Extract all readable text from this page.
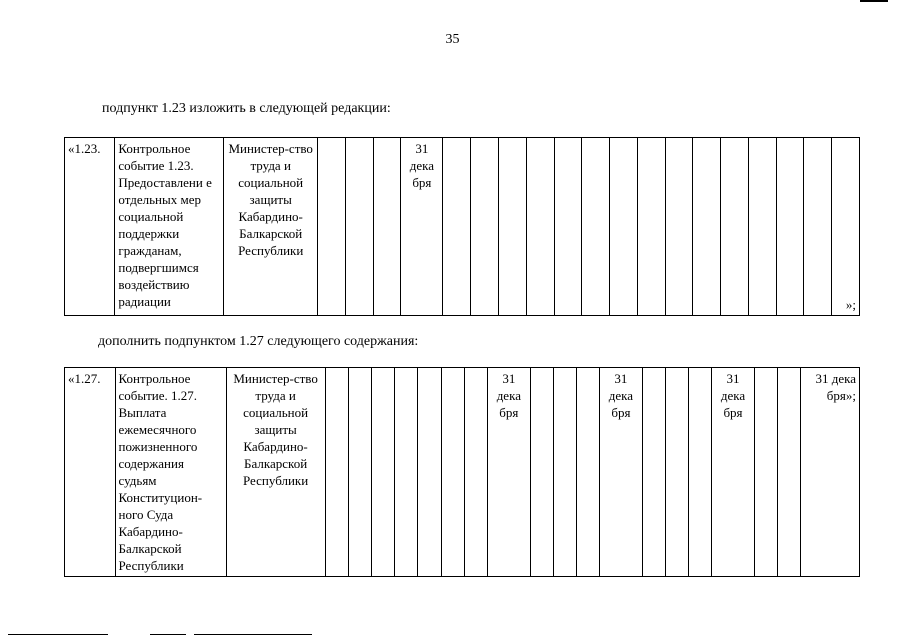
35
подпункт 1.23 изложить в следующей редакции:
«1.23.	Контрольное событие 1.23. Предоставлени е отдельных мер социальной поддержки гражданам, подвергшимся воздействию радиации	Министер-ство труда и социальной защиты Кабардино-Балкарской Республики				31 дека бря															»;
дополнить подпунктом 1.27 следующего содержания:
«1.27.	Контрольное событие. 1.27. Выплата ежемесячного пожизненного содержания судьям Конституцион-ного Суда Кабардино-Балкарской Республики	Министер-ство труда и социальной защиты Кабардино-Балкарской Республики								31 дека бря				31 дека бря				31 дека бря			31 дека бря»;
